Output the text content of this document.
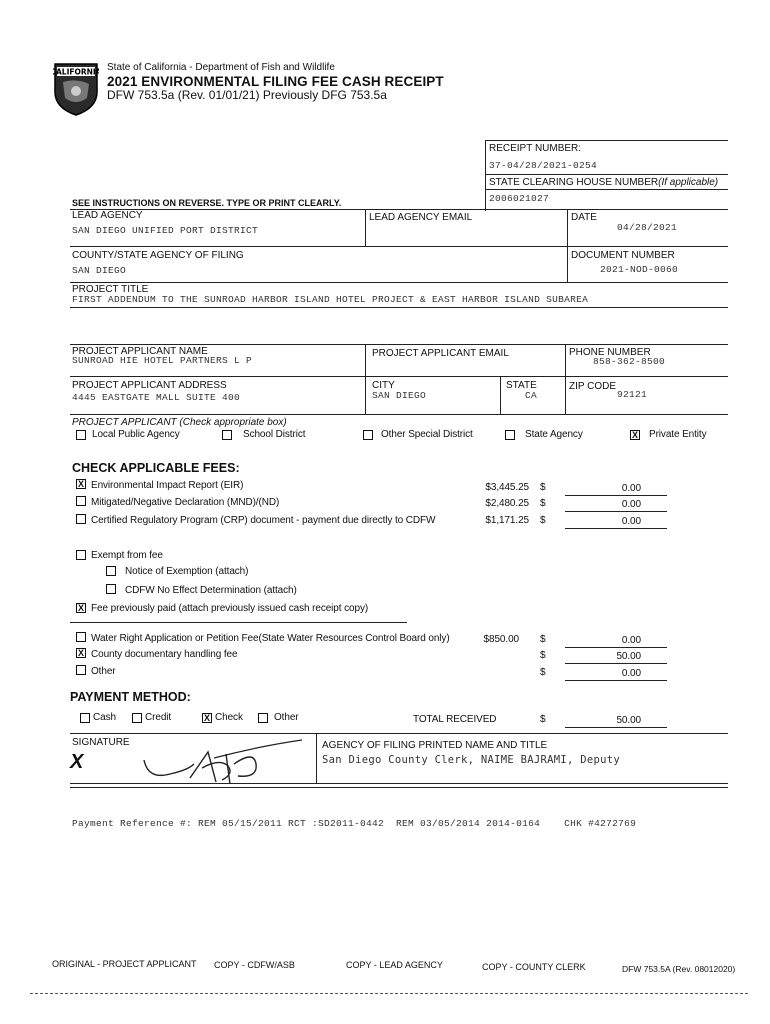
CALIFORNIA State of California - Department of Fish and Wildlife
2021 ENVIRONMENTAL FILING FEE CASH RECEIPT
DFW 753.5a (Rev. 01/01/21) Previously DFG 753.5a
RECEIPT NUMBER:
37-04/28/2021-0254
STATE CLEARING HOUSE NUMBER(If applicable)
2006021027
SEE INSTRUCTIONS ON REVERSE. TYPE OR PRINT CLEARLY.
LEAD AGENCY
SAN DIEGO UNIFIED PORT DISTRICT
LEAD AGENCY EMAIL	DATE
04/28/2021
COUNTY/STATE AGENCY OF FILING
SAN DIEGO
DOCUMENT NUMBER
2021-NOD-0060
PROJECT TITLE
FIRST ADDENDUM TO THE SUNROAD HARBOR ISLAND HOTEL PROJECT & EAST HARBOR ISLAND SUBAREA
PROJECT APPLICANT NAME
SUNROAD HIE HOTEL PARTNERS L P
PROJECT APPLICANT EMAIL	PHONE NUMBER
858-362-8500
PROJECT APPLICANT ADDRESS
4445 EASTGATE MALL SUITE 400
CITY
SAN DIEGO
STATE
CA
ZIP CODE
92121
PROJECT APPLICANT (Check appropriate box)
Local Public Agency	School District	Other Special District	State Agency	X Private Entity
CHECK APPLICABLE FEES:
X Environmental Impact Report (EIR)	$3,445.25 $	0.00
Mitigated/Negative Declaration (MND)/(ND)	$2,480.25 $	0.00
Certified Regulatory Program (CRP) document - payment due directly to CDFW	$1,171.25 $	0.00
Exempt from fee
Notice of Exemption (attach)
CDFW No Effect Determination (attach)
X Fee previously paid (attach previously issued cash receipt copy)
Water Right Application or Petition Fee(State Water Resources Control Board only)	$850.00 $	0.00
X County documentary handling fee	$	50.00
Other	$	0.00
PAYMENT METHOD:
Cash	Credit	X Check	Other	TOTAL RECEIVED	$	50.00
SIGNATURE
X
AGENCY OF FILING PRINTED NAME AND TITLE
San Diego County Clerk, NAIME BAJRAMI, Deputy
Payment Reference #: REM 05/15/2011 RCT :SD2011-0442  REM 03/05/2014 2014-0164    CHK #4272769
ORIGINAL - PROJECT APPLICANT COPY - CDFW/ASB	COPY - LEAD AGENCY	COPY - COUNTY CLERK	DFW 753.5A (Rev. 08012020)
